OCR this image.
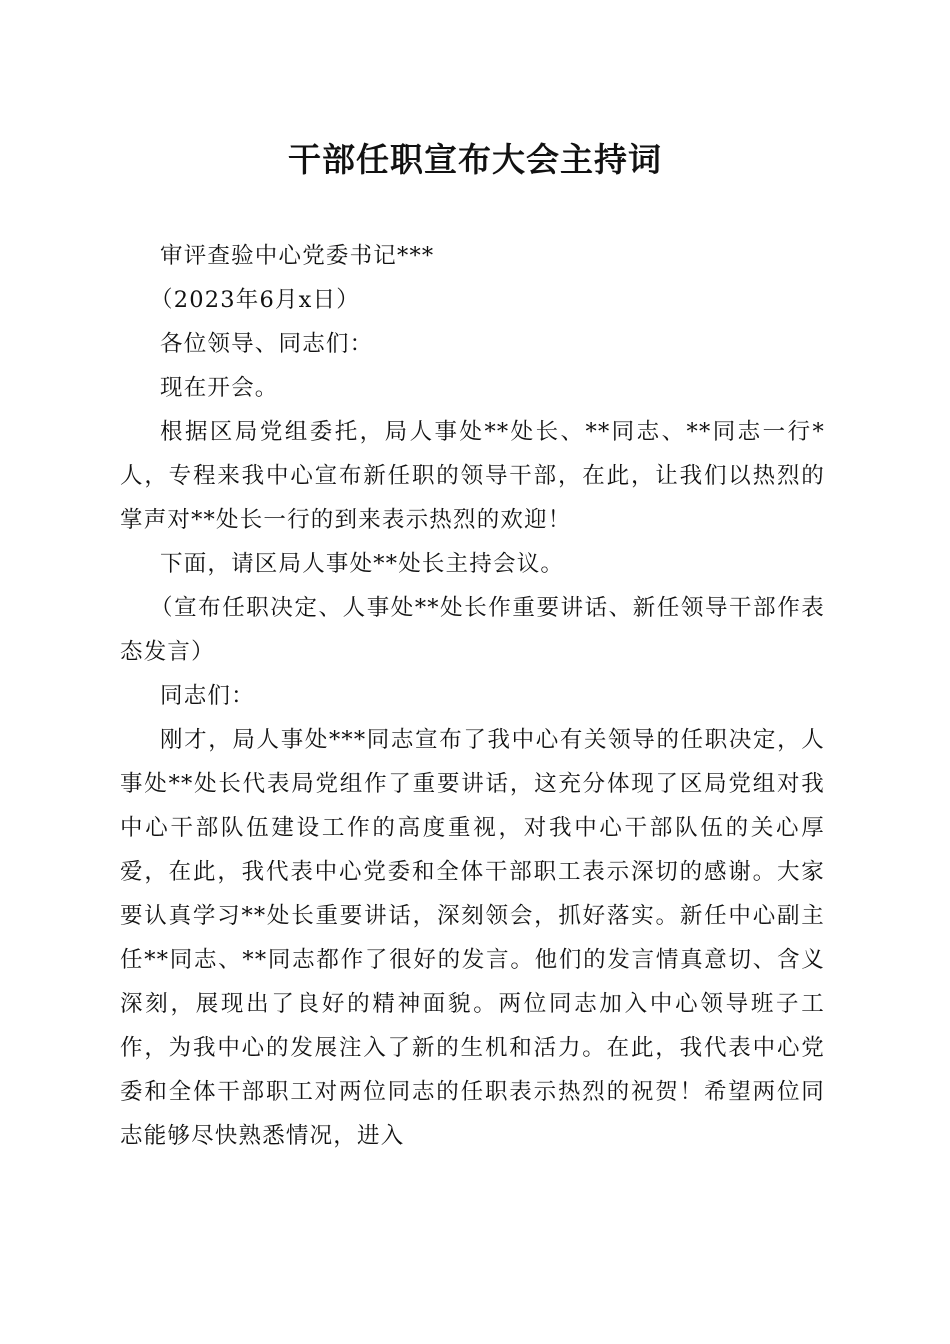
干部任职宣布大会主持词

审评查验中心党委书记***

（2023年6月x日）

各位领导、同志们：

现在开会。

根据区局党组委托，局人事处**处长、**同志、**同志一行*人，专程来我中心宣布新任职的领导干部，在此，让我们以热烈的掌声对**处长一行的到来表示热烈的欢迎！

下面，请区局人事处**处长主持会议。

（宣布任职决定、人事处**处长作重要讲话、新任领导干部作表态发言）

同志们：

刚才，局人事处***同志宣布了我中心有关领导的任职决定，人事处**处长代表局党组作了重要讲话，这充分体现了区局党组对我中心干部队伍建设工作的高度重视，对我中心干部队伍的关心厚爱，在此，我代表中心党委和全体干部职工表示深切的感谢。大家要认真学习**处长重要讲话，深刻领会，抓好落实。新任中心副主任**同志、**同志都作了很好的发言。他们的发言情真意切、含义深刻，展现出了良好的精神面貌。两位同志加入中心领导班子工作，为我中心的发展注入了新的生机和活力。在此，我代表中心党委和全体干部职工对两位同志的任职表示热烈的祝贺！希望两位同志能够尽快熟悉情况，进入
